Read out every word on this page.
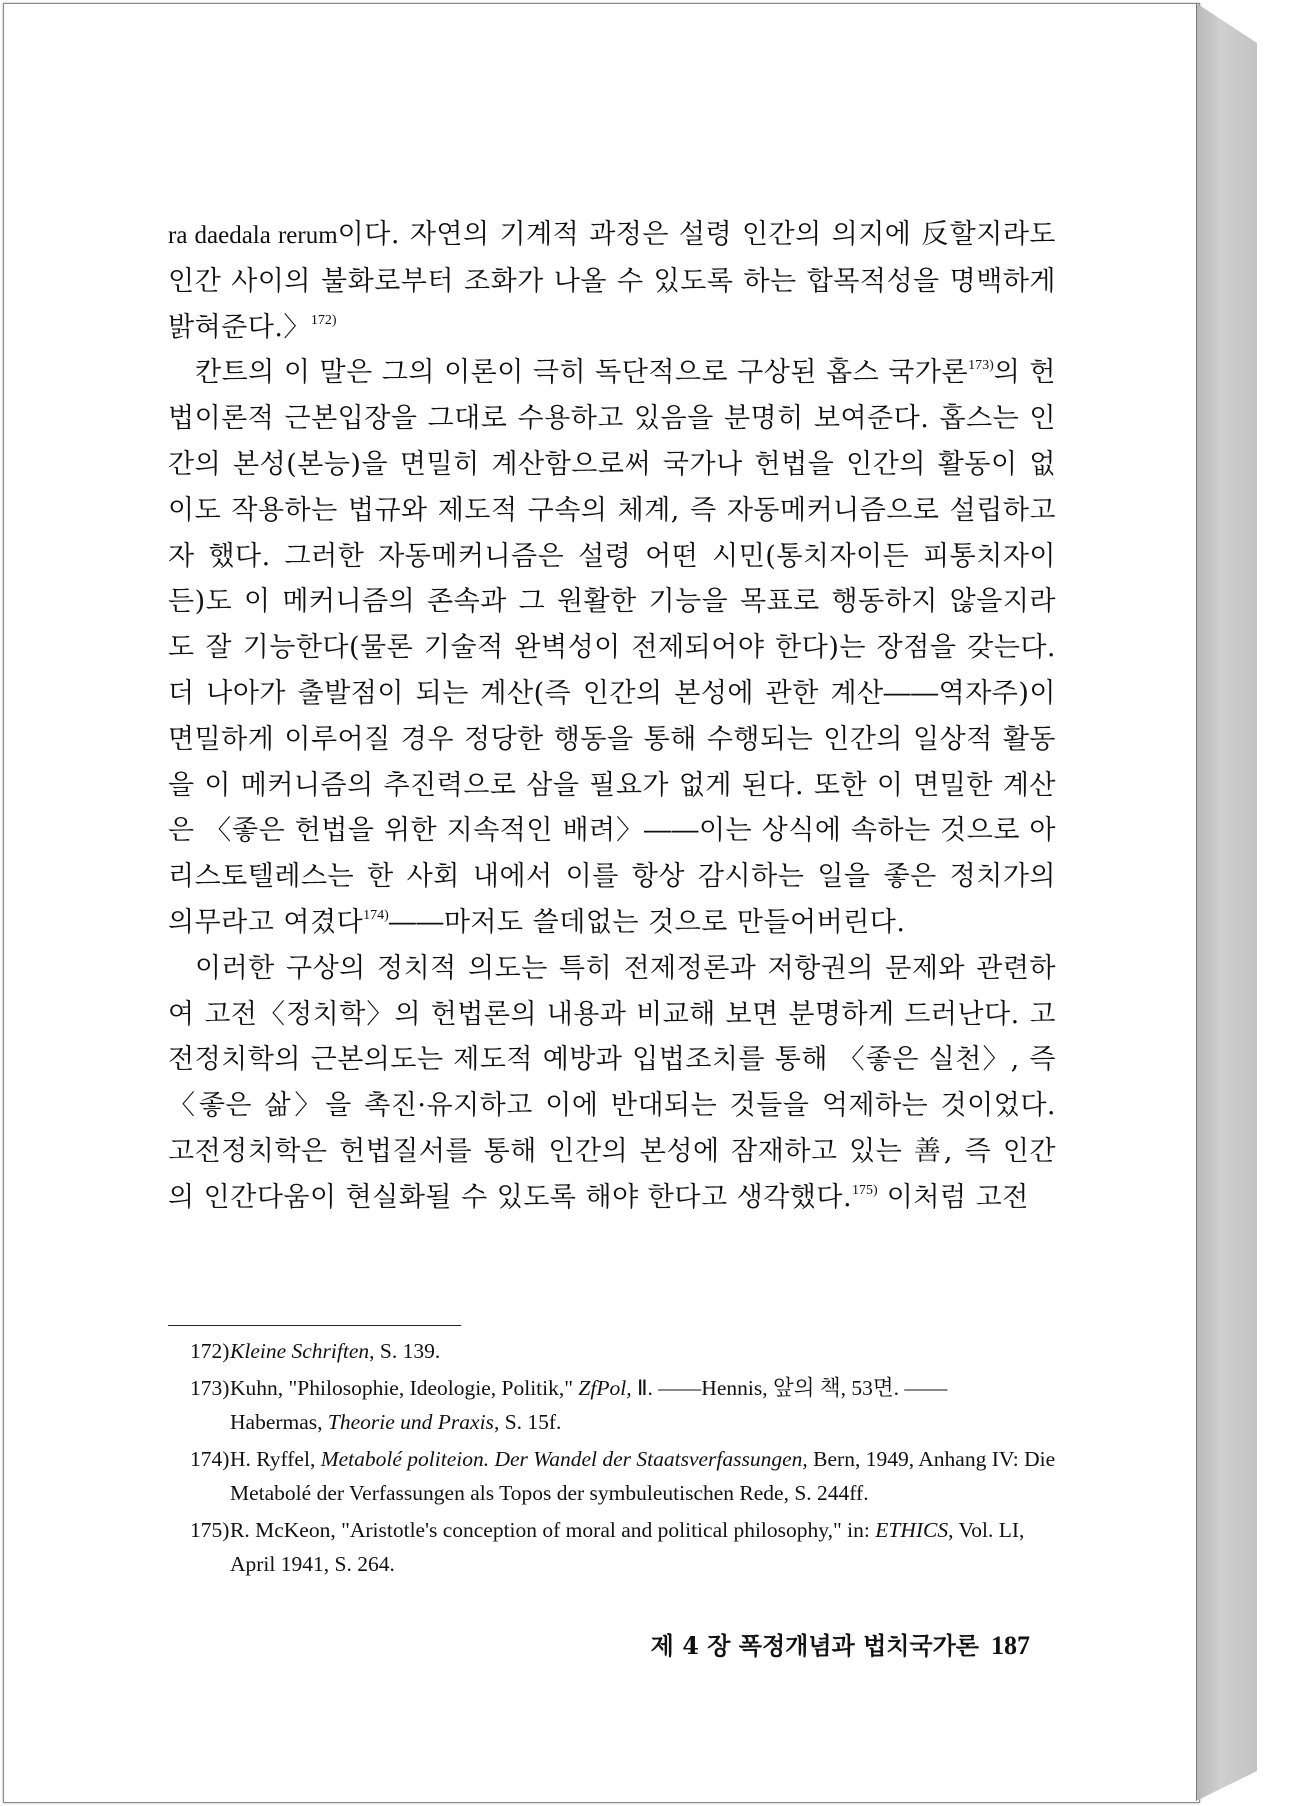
ra daedala rerum이다. 자연의 기계적 과정은 설령 인간의 의지에 反할지라도 인간 사이의 불화로부터 조화가 나올 수 있도록 하는 합목적성을 명백하게 밝혀준다.〉$^{172)}$

칸트의 이 말은 그의 이론이 극히 독단적으로 구상된 홉스 국가론$^{173)}$의 헌법이론적 근본입장을 그대로 수용하고 있음을 분명히 보여준다. 홉스는 인간의 본성(본능)을 면밀히 계산함으로써 국가나 헌법을 인간의 활동이 없이도 작용하는 법규와 제도적 구속의 체계, 즉 자동메커니즘으로 설립하고자 했다. 그러한 자동메커니즘은 설령 어떤 시민(통치자이든 피통치자이든)도 이 메커니즘의 존속과 그 원활한 기능을 목표로 행동하지 않을지라도 잘 기능한다(물론 기술적 완벽성이 전제되어야 한다)는 장점을 갖는다. 더 나아가 출발점이 되는 계산(즉 인간의 본성에 관한 계산――역자주)이 면밀하게 이루어질 경우 정당한 행동을 통해 수행되는 인간의 일상적 활동을 이 메커니즘의 추진력으로 삼을 필요가 없게 된다. 또한 이 면밀한 계산은 〈좋은 헌법을 위한 지속적인 배려〉――이는 상식에 속하는 것으로 아리스토텔레스는 한 사회 내에서 이를 항상 감시하는 일을 좋은 정치가의 의무라고 여겼다$^{174)}$――마저도 쓸데없는 것으로 만들어버린다.

이러한 구상의 정치적 의도는 특히 전제정론과 저항권의 문제와 관련하여 고전〈정치학〉의 헌법론의 내용과 비교해 보면 분명하게 드러난다. 고전정치학의 근본의도는 제도적 예방과 입법조치를 통해 〈좋은 실천〉, 즉 〈좋은 삶〉을 촉진·유지하고 이에 반대되는 것들을 억제하는 것이었다. 고전정치학은 헌법질서를 통해 인간의 본성에 잠재하고 있는 善, 즉 인간의 인간다움이 현실화될 수 있도록 해야 한다고 생각했다.$^{175)}$ 이처럼 고전

172) Kleine Schriften, S. 139.
173) Kuhn, "Philosophie, Ideologie, Politik," ZfPol, Ⅱ. ――Hennis, 앞의 책, 53면. ――
Habermas, Theorie und Praxis, S. 15f.
174) H. Ryffel, Metabolé politeion. Der Wandel der Staatsverfassungen, Bern, 1949, Anhang IV: Die Metabolé der Verfassungen als Topos der symbuleutischen Rede, S. 244ff.
175) R. McKeon, "Aristotle's conception of moral and political philosophy," in: ETHICS, Vol. LI, April 1941, S. 264.
제 4 장 폭정개념과 법치국가론 187
